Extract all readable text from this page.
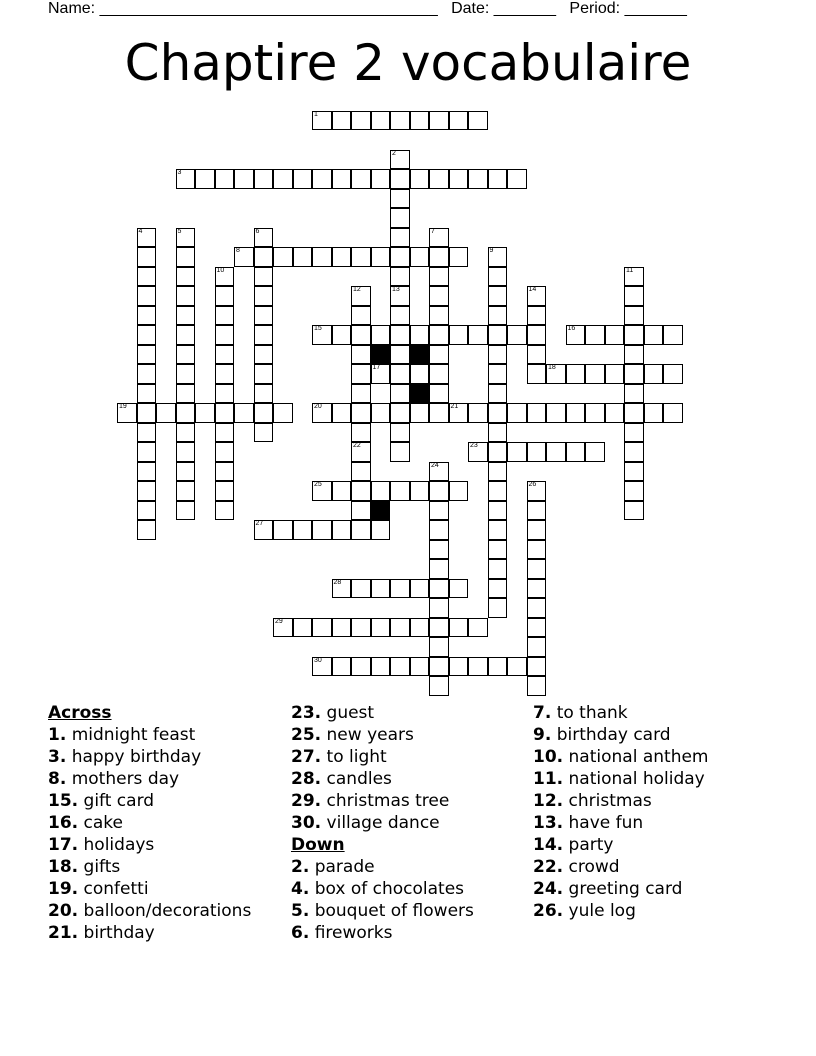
Name: ______________________________________ Date: _______ Period: _______
Chaptire 2 vocabulaire
1
3
8
15	16
17	18
19	20	21
23
25
27
28
29
30
2
13
4	5	6	7
9
10	11
12
22
14
24
26
Across
1. midnight feast
3. happy birthday
8. mothers day
15. gift card
16. cake
17. holidays
18. gifts
19. confetti
20. balloon/decorations
21. birthday
23. guest
25. new years
27. to light
28. candles
29. christmas tree
30. village dance
Down
2. parade
4. box of chocolates
5. bouquet of flowers
6. fireworks
7. to thank
9. birthday card
10. national anthem
11. national holiday
12. christmas
13. have fun
14. party
22. crowd
24. greeting card
26. yule log
